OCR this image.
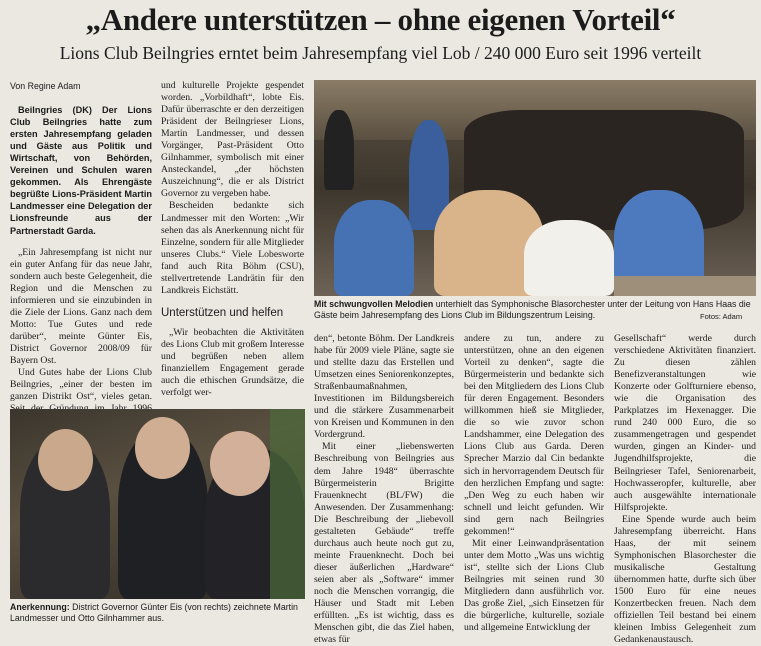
„Andere unterstützen – ohne eigenen Vorteil“
Lions Club Beilngries erntet beim Jahresempfang viel Lob / 240 000 Euro seit 1996 verteilt

Von Regine Adam

Beilngries (DK) Der Lions Club Beilngries hatte zum ersten Jahresempfang geladen und Gäste aus Politik und Wirtschaft, von Behörden, Vereinen und Schulen waren gekommen. Als Ehrengäste begrüßte Lions-Präsident Martin Landmesser eine Delegation der Lionsfreunde aus der Partnerstadt Garda.

„Ein Jahresempfang ist nicht nur ein guter Anfang für das neue Jahr, sondern auch beste Gelegenheit, die Region und die Menschen zu informieren und sie einzubinden in die Ziele der Lions. Ganz nach dem Motto: Tue Gutes und rede darüber“, meinte Günter Eis, District Governor 2008/09 für Bayern Ost.

Und Gutes habe der Lions Club Beilngries, „einer der besten im ganzen Distrikt Ost“, vieles getan.

und kulturelle Projekte gespendet worden. „Vorbildhaft“, lobte Eis. Dafür überraschte er den derzeitigen Präsident der Beilngrieser Lions, Martin Landmesser, und dessen Vorgänger, Past-Präsident Otto Gilnhammer, symbolisch mit einer Ansteckandel, „der höchsten Auszeichnung“, die er als District Governor zu vergeben habe.

Bescheiden bedankte sich Landmesser mit den Worten: „Wir sehen das als Anerkennung nicht für Einzelne, sondern für alle Mitglieder unseres Clubs.“ Viele Lobesworte fand auch Rita Böhm (CSU), stellvertretende Landrätin für den Landkreis Eichstätt.

Unterstützen und helfen

„Wir beobachten die Aktivitäten des Lions Club mit großem Interesse und begrüßen neben allem finanziellem Engagement gerade auch die ethischen Grundsätze, die verfolgt wer-

Mit schwungvollen Melodien unterhielt das Symphonische Blasorchester unter der Leitung von Hans Haas die Gäste beim Jahresempfang des Lions Club im Bildungszentrum Leising.	Fotos: Adam
Anerkennung: District Governor Günter Eis (von rechts) zeichnete Martin Landmesser und Otto Gilnhammer aus.

den“, betonte Böhm. Der Landkreis habe für 2009 viele Pläne, sagte sie und stellte dazu das Erstellen und Umsetzen eines Seniorenkonzeptes, Straßenbaumaßnahmen, Investitionen im Bildungsbereich und die stärkere Zusammenarbeit von Kreisen und Kommunen in den Vordergrund.

Mit einer „liebenswerten Beschreibung von Beilngries aus dem Jahre 1948“ überraschte Bürgermeisterin Brigitte Frauenknecht (BL/FW) die Anwesenden. Der Zusammenhang: Die Beschreibung der „liebevoll gestalteten Gebäude“ treffe durchaus auch heute noch gut zu, meinte Frauenknecht. Doch bei dieser äußerlichen „Hardware“ seien aber als „Software“ immer noch die Menschen vorrangig, die Häuser und Stadt mit Leben erfüllten. „Es ist wichtig, dass es Menschen gibt, die das Ziel haben, etwas für

andere zu tun, andere zu unterstützen, ohne an den eigenen Vorteil zu denken“, sagte die Bürgermeisterin und bedankte sich bei den Mitgliedern des Lions Club für deren Engagement. Besonders willkommen hieß sie Mitglieder, die so wie zuvor schon Landshammer, eine Delegation des Lions Club aus Garda. Deren Sprecher Marzio dal Cin bedankte sich in hervorragendem Deutsch für den herzlichen Empfang und sagte: „Den Weg zu euch haben wir schnell und leicht gefunden. Wir sind gern nach Beilngries gekommen!“

Mit einer Leinwandpräsentation unter dem Motto „Was uns wichtig ist“, stellte sich der Lions Club Beilngries mit seinen rund 30 Mitgliedern dann ausführlich vor. Das große Ziel, „sich Einsetzen für die bürgerliche, kulturelle, soziale und allgemeine Entwicklung der

Gesellschaft“ werde durch verschiedene Aktivitäten finanziert. Zu diesen zählen Benefizveranstaltungen wie Konzerte oder Golfturniere ebenso, wie die Organisation des Parkplatzes im Hexenagger. Die rund 240 000 Euro, die so zusammengetragen und gespendet wurden, gingen an Kinder- und Jugendhilfsprojekte, die Beilngrieser Tafel, Seniorenarbeit, Hochwasseropfer, kulturelle, aber auch ausgewählte internationale Hilfsprojekte.

Eine Spende wurde auch beim Jahresempfang überreicht. Hans Haas, der mit seinem Symphonischen Blasorchester die musikalische Gestaltung übernommen hatte, durfte sich über 1500 Euro für eine neues Konzertbecken freuen. Nach dem offiziellen Teil bestand bei einem kleinen Imbiss Gelegenheit zum Gedankenaustausch.
